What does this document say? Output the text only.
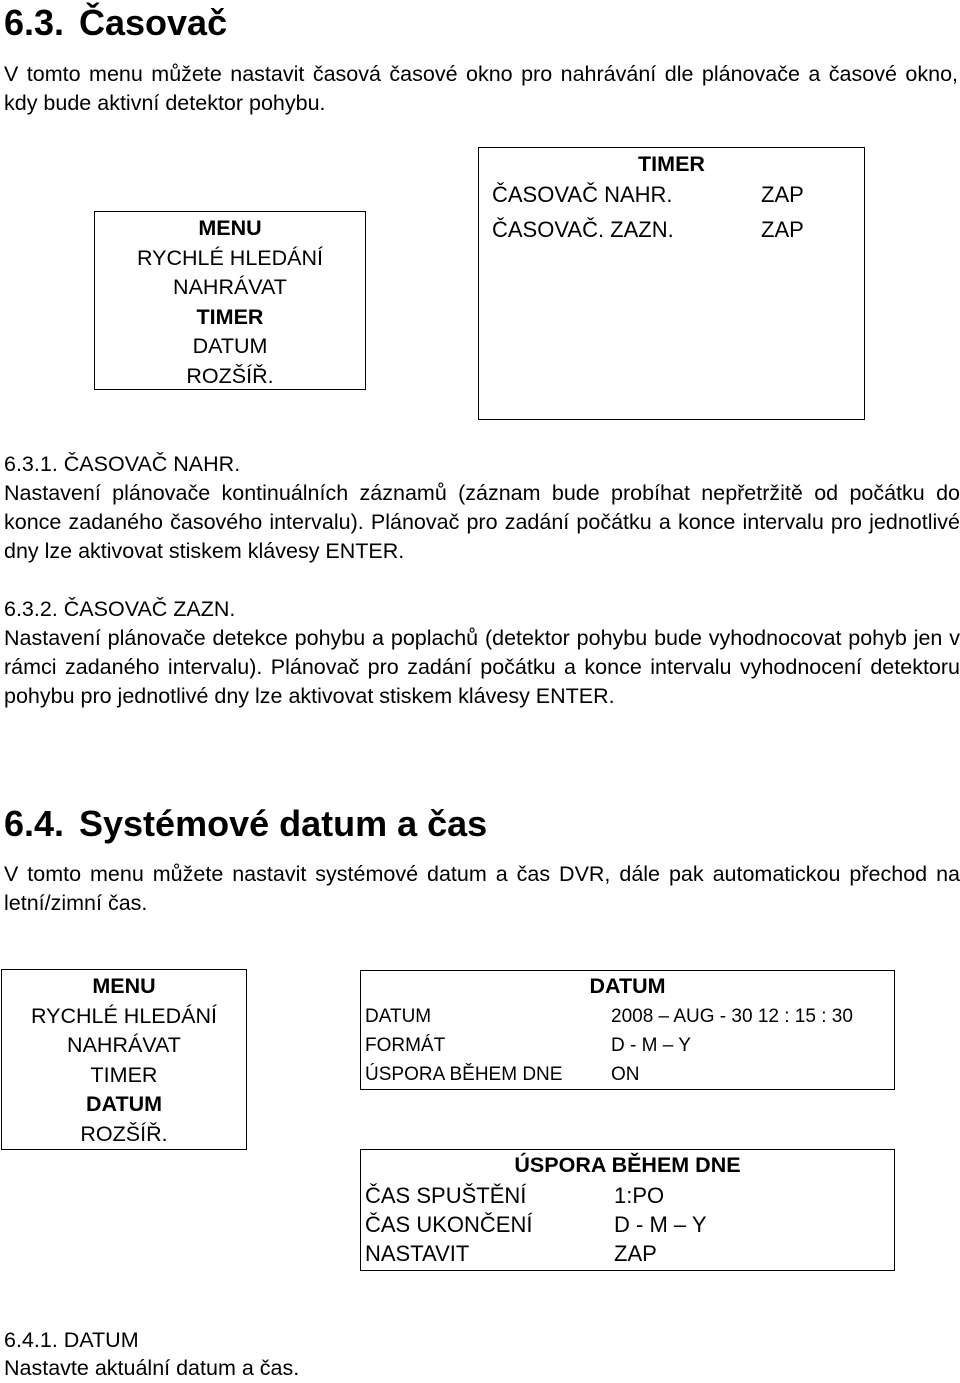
6.3. Časovač
V tomto menu můžete nastavit časová časové okno pro nahrávání dle plánovače a časové okno, kdy bude aktivní detektor pohybu.
MENU
RYCHLÉ HLEDÁNÍ
NAHRÁVAT
TIMER
DATUM
ROZŠÍŘ.
TIMER
ČASOVAČ NAHR.	ZAP
ČASOVAČ. ZAZN.	ZAP
6.3.1. ČASOVAČ NAHR.
Nastavení plánovače kontinuálních záznamů (záznam bude probíhat nepřetržitě od počátku do konce zadaného časového intervalu). Plánovač pro zadání počátku a konce intervalu pro jednotlivé dny lze aktivovat stiskem klávesy ENTER.
6.3.2. ČASOVAČ ZAZN.
Nastavení plánovače detekce pohybu a poplachů (detektor pohybu bude vyhodnocovat pohyb jen v rámci zadaného intervalu). Plánovač pro zadání počátku a konce intervalu vyhodnocení detektoru pohybu pro jednotlivé dny lze aktivovat stiskem klávesy ENTER.
6.4. Systémové datum a čas
V tomto menu můžete nastavit systémové datum a čas DVR, dále pak automatickou přechod na letní/zimní čas.
MENU
RYCHLÉ HLEDÁNÍ
NAHRÁVAT
TIMER
DATUM
ROZŠÍŘ.
DATUM
DATUM	2008 – AUG - 30 12 : 15 : 30
FORMÁT	D - M – Y
ÚSPORA BĚHEM DNE	ON
ÚSPORA BĚHEM DNE
ČAS SPUŠTĚNÍ	1:PO
ČAS UKONČENÍ	D - M – Y
NASTAVIT	ZAP
6.4.1. DATUM
Nastavte aktuální datum a čas.
